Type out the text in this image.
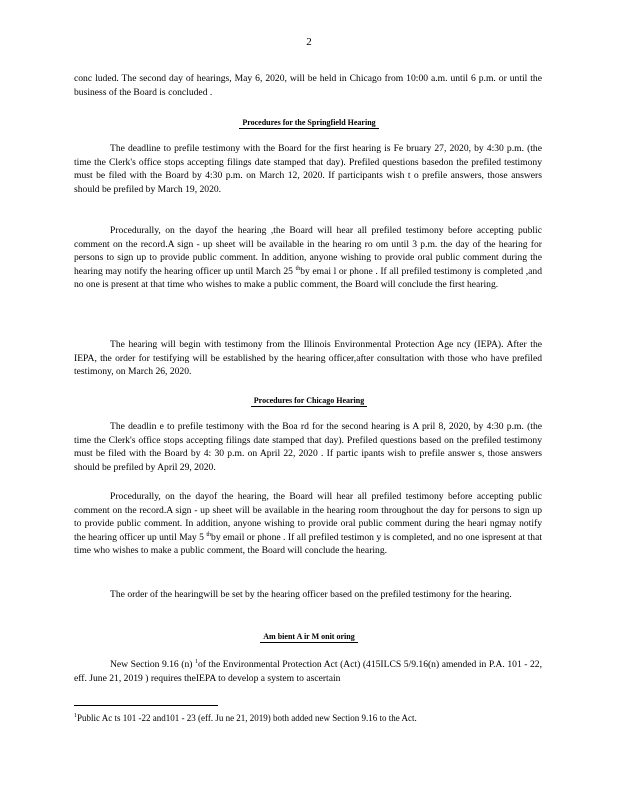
2

conc luded. The second day of hearings, May 6, 2020, will be held in Chicago from 10:00 a.m. until 6 p.m. or until the business of the Board is concluded .

Procedures for the Springfield Hearing

The deadline to prefile testimony with the Board for the first hearing is Fe bruary 27, 2020, by 4:30 p.m. (the time the Clerk's office stops accepting filings date stamped that day). Prefiled questions basedon the prefiled testimony must be filed with the Board by 4:30 p.m. on March 12, 2020. If participants wish t o prefile answers, those answers should be prefiled by March 19, 2020.

Procedurally, on the dayof the hearing ,the Board will hear all prefiled testimony before accepting public comment on the record.A sign - up sheet will be available in the hearing ro om until 3 p.m. the day of the hearing for persons to sign up to provide public comment. In addition, anyone wishing to provide oral public comment during the hearing may notify the hearing officer up until March 25 $^{th}$by emai l or phone . If all prefiled testimony is completed ,and no one is present at that time who wishes to make a public comment, the Board will conclude the first hearing.

The hearing will begin with testimony from the Illinois Environmental Protection Age ncy (IEPA). After the IEPA, the order for testifying will be established by the hearing officer,after consultation with those who have prefiled testimony, on March 26, 2020.

Procedures for Chicago Hearing

The deadlin e to prefile testimony with the Boa rd for the second hearing is A pril 8, 2020, by 4:30 p.m. (the time the Clerk's office stops accepting filings date stamped that day). Prefiled questions based on the prefiled testimony must be filed with the Board by 4: 30 p.m. on April 22, 2020 . If partic ipants wish to prefile answer s, those answers should be prefiled by April 29, 2020.

Procedurally, on the dayof the hearing, the Board will hear all prefiled testimony before accepting public comment on the record.A sign - up sheet will be available in the hearing room throughout the day for persons to sign up to provide public comment. In addition, anyone wishing to provide oral public comment during the heari ngmay notify the hearing officer up until May 5 $^{th}$by email or phone . If all prefiled testimon y is completed, and no one ispresent at that time who wishes to make a public comment, the Board will conclude the hearing.

The order of the hearingwill be set by the hearing officer based on the prefiled testimony for the hearing.

Am bient A ir M onit oring

New Section 9.16 (n) $^1$of the Environmental Protection Act (Act) (415ILCS 5/9.16(n) amended in P.A. 101 - 22, eff. June 21, 2019 ) requires theIEPA to develop a system to ascertain

$^1$Public Ac ts 101 -22 and101 - 23 (eff. Ju ne 21, 2019) both added new Section 9.16 to the Act.
